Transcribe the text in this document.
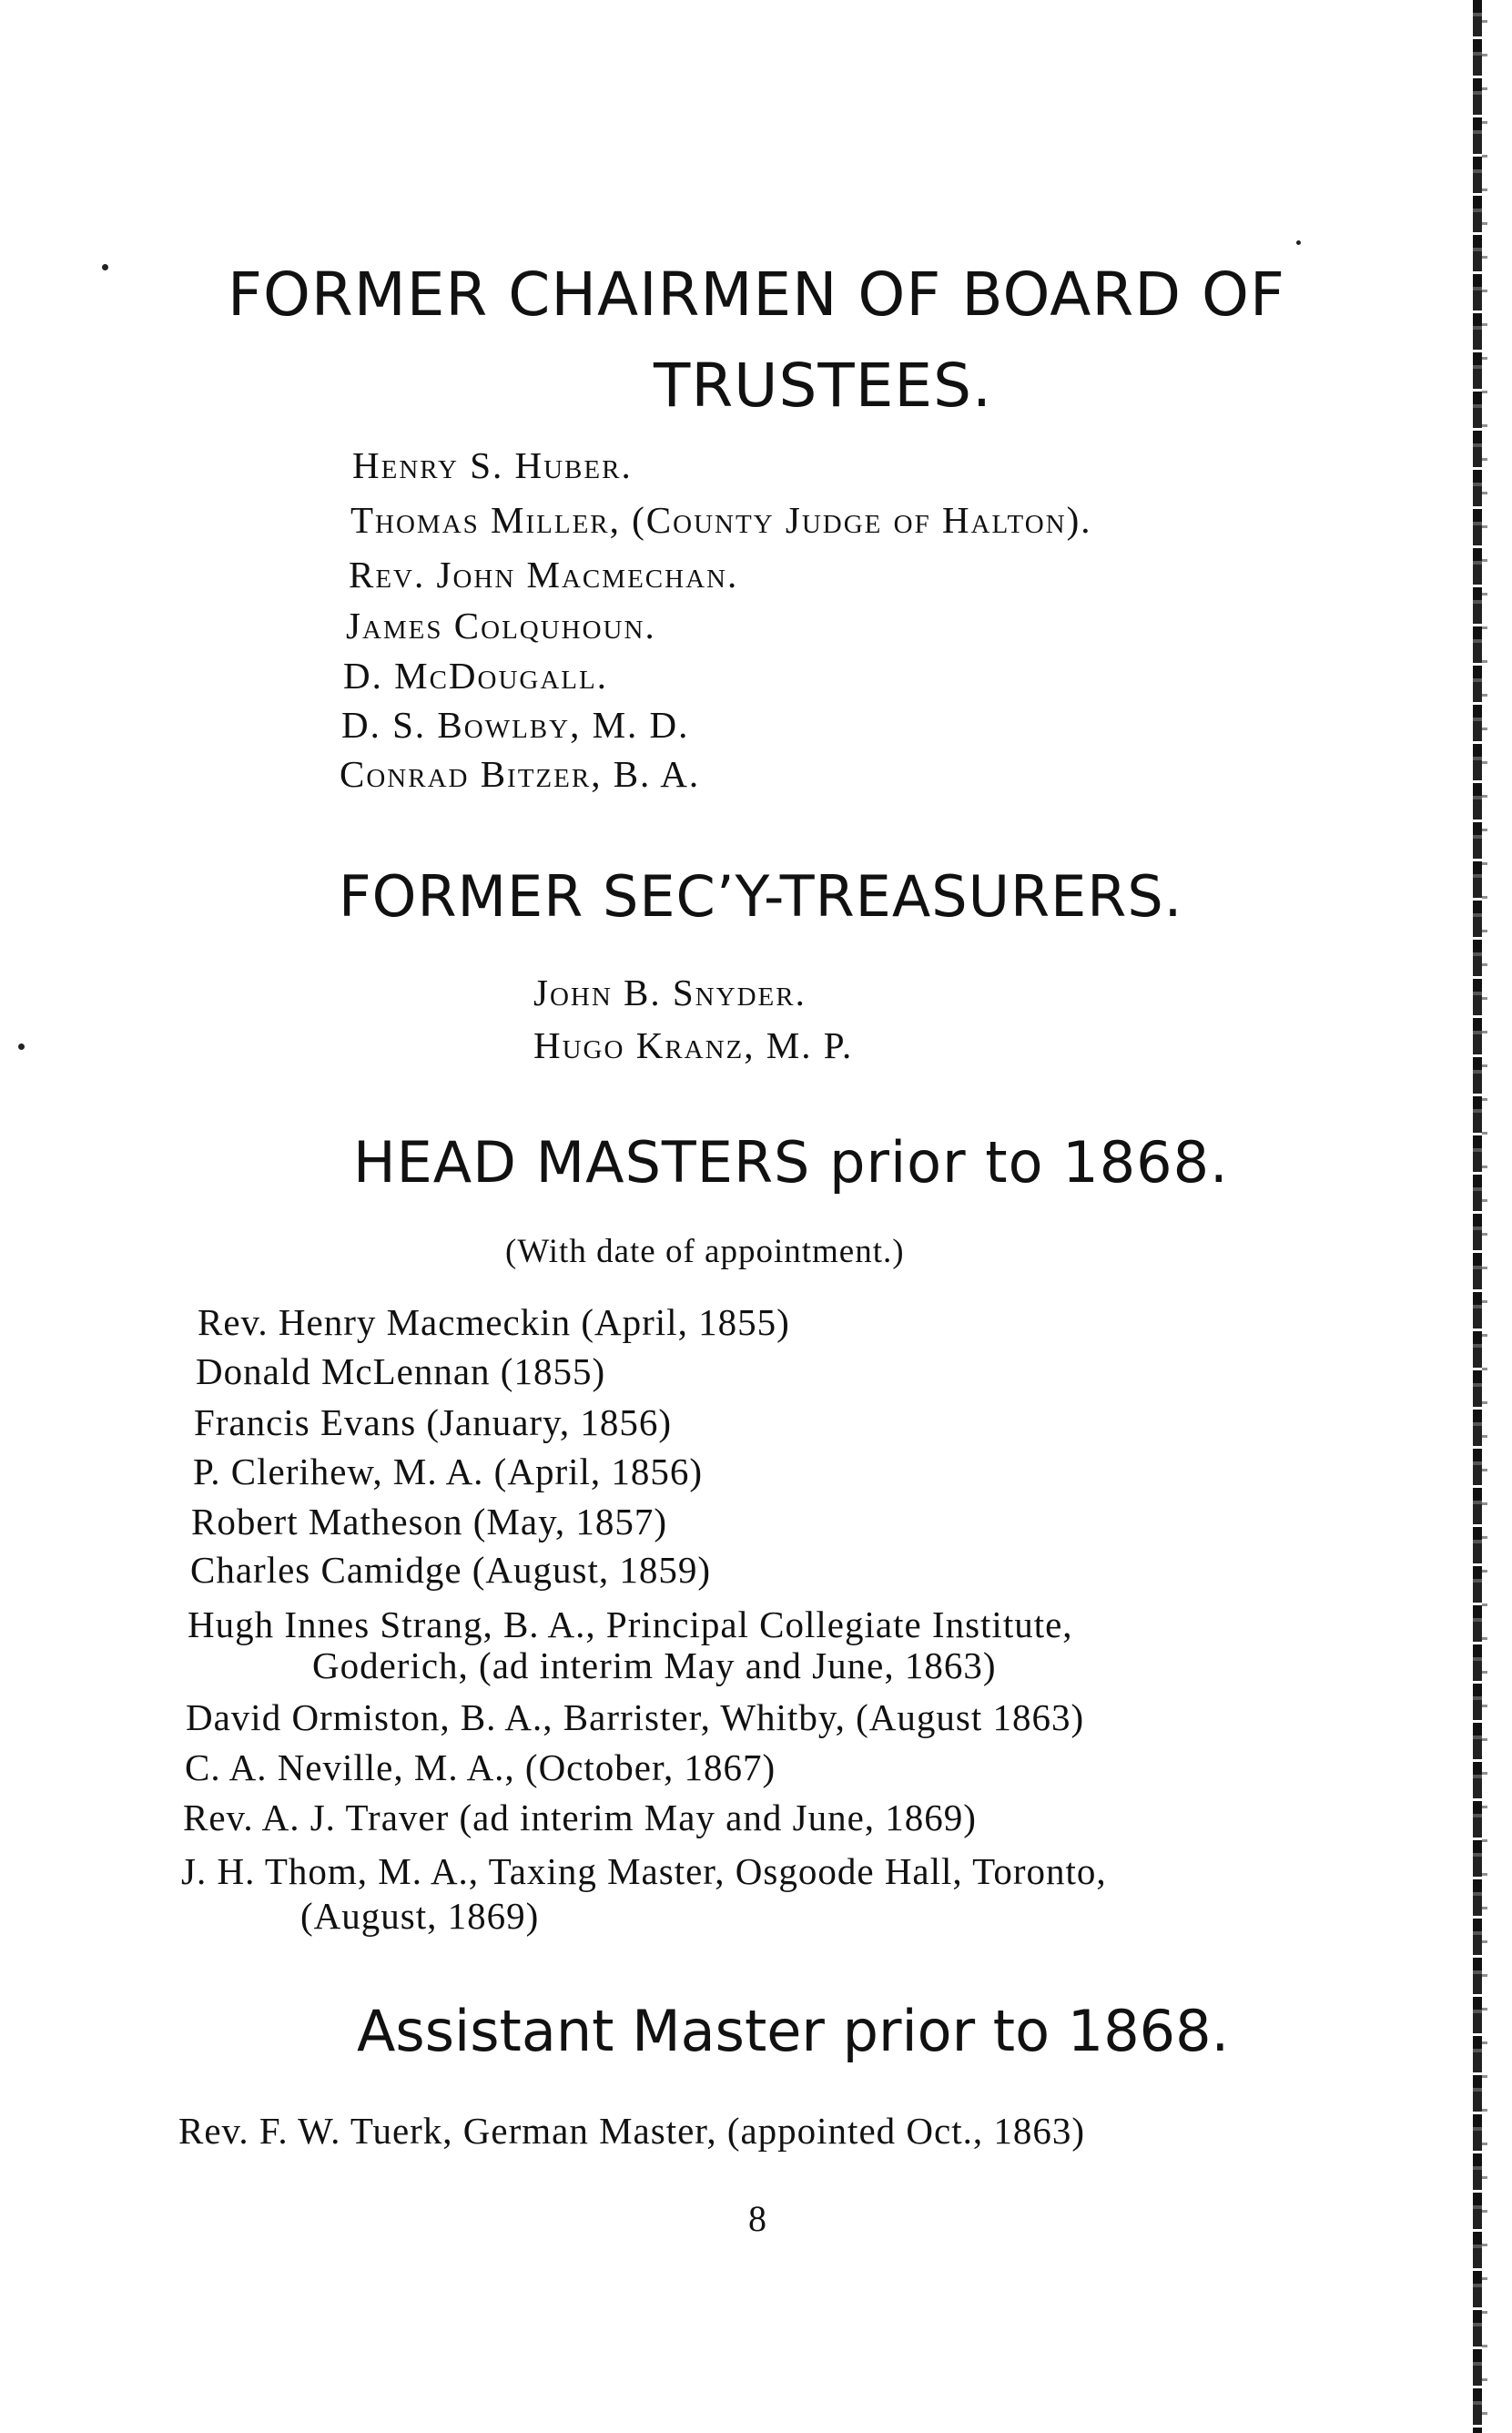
FORMER CHAIRMEN OF BOARD OF
TRUSTEES.
Henry S. Huber.
Thomas Miller, (County Judge of Halton).
Rev. John Macmechan.
James Colquhoun.
D. McDougall.
D. S. Bowlby, M. D.
Conrad Bitzer, B. A.
FORMER SEC’Y-TREASURERS.
John B. Snyder.
Hugo Kranz, M. P.
HEAD MASTERS prior to 1868.
(With date of appointment.)
Rev. Henry Macmeckin (April, 1855)
Donald McLennan (1855)
Francis Evans (January, 1856)
P. Clerihew, M. A. (April, 1856)
Robert Matheson (May, 1857)
Charles Camidge (August, 1859)
Hugh Innes Strang, B. A., Principal Collegiate Institute,
Goderich, (ad interim May and June, 1863)
David Ormiston, B. A., Barrister, Whitby, (August 1863)
C. A. Neville, M. A., (October, 1867)
Rev. A. J. Traver (ad interim May and June, 1869)
J. H. Thom, M. A., Taxing Master, Osgoode Hall, Toronto,
(August, 1869)
Assistant Master prior to 1868.
Rev. F. W. Tuerk, German Master, (appointed Oct., 1863)
8
